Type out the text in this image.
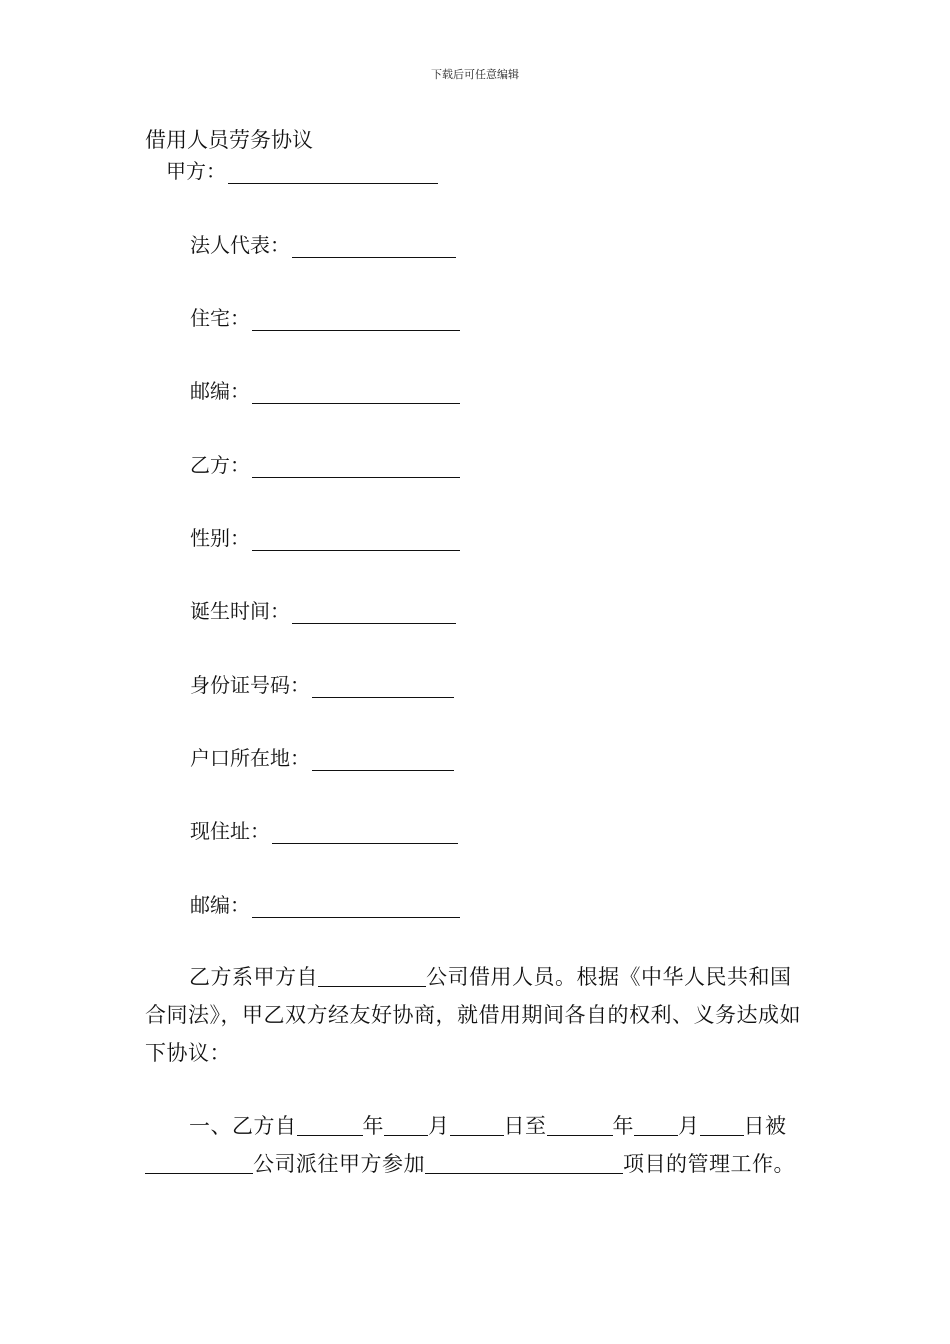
下载后可任意编辑
借用人员劳务协议
甲方：
法人代表：
住宅：
邮编：
乙方：
性别：
诞生时间：
身份证号码：
户口所在地：
现住址：
邮编：
乙方系甲方自	公司借用人员。根据《中华人民共和国合同法》，甲乙双方经友好协商，就借用期间各自的权利、义务达成如下协议：
一、乙方自	年 月	日至	年 月 日被公司派往甲方参加	项目的管理工作。
